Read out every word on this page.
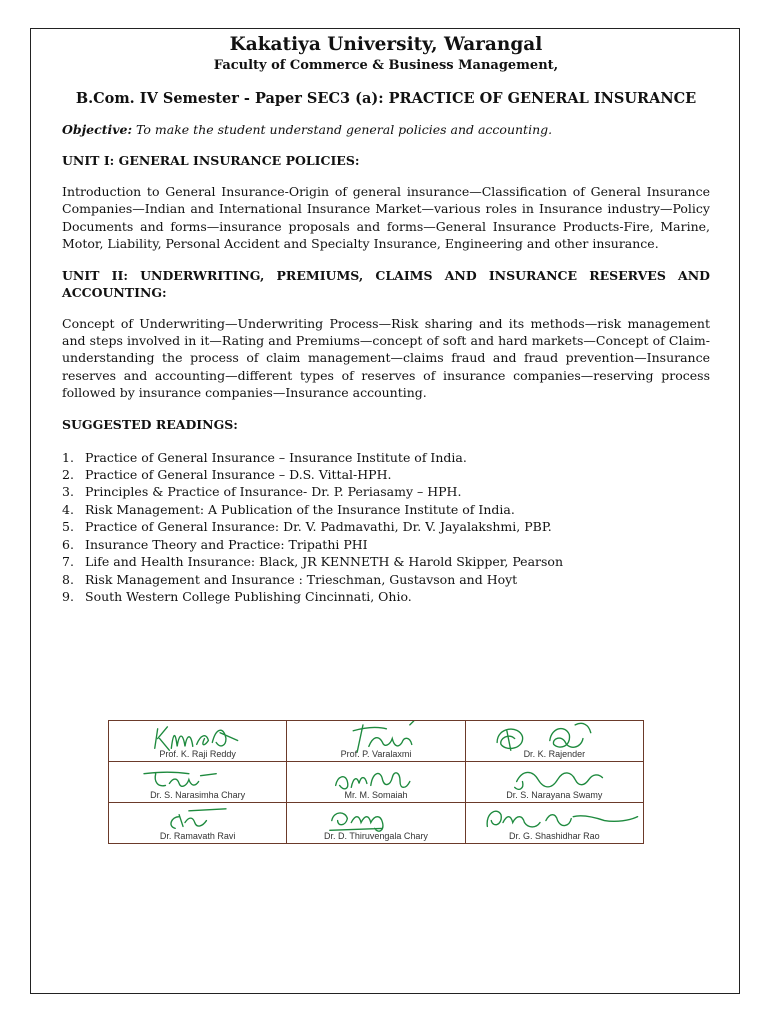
Kakatiya University, Warangal
Faculty of Commerce & Business Management,
B.Com. IV Semester - Paper SEC3 (a): PRACTICE OF GENERAL INSURANCE
Objective: To make the student understand general policies and accounting.
UNIT I: GENERAL INSURANCE POLICIES:
Introduction to General Insurance-Origin of general insurance—Classification of General Insurance Companies—Indian and International Insurance Market—various roles in Insurance industry—Policy Documents and forms—insurance proposals and forms—General Insurance Products-Fire, Marine, Motor, Liability, Personal Accident and Specialty Insurance, Engineering and other insurance.
UNIT II: UNDERWRITING, PREMIUMS, CLAIMS AND INSURANCE RESERVES AND ACCOUNTING:
Concept of Underwriting—Underwriting Process—Risk sharing and its methods—risk management and steps involved in it—Rating and Premiums—concept of soft and hard markets—Concept of Claim-understanding the process of claim management—claims fraud and fraud prevention—Insurance reserves and accounting—different types of reserves of insurance companies—reserving process followed by insurance companies—Insurance accounting.
SUGGESTED READINGS:
1. Practice of General Insurance – Insurance Institute of India.
2. Practice of General Insurance – D.S. Vittal-HPH.
3. Principles & Practice of Insurance- Dr. P. Periasamy – HPH.
4. Risk Management: A Publication of the Insurance Institute of India.
5. Practice of General Insurance: Dr. V. Padmavathi, Dr. V. Jayalakshmi, PBP.
6. Insurance Theory and Practice: Tripathi PHI
7. Life and Health Insurance: Black, JR KENNETH & Harold Skipper, Pearson
8. Risk Management and Insurance : Trieschman, Gustavson and Hoyt
9. South Western College Publishing Cincinnati, Ohio.
Prof. K. Raji Reddy	Prof. P. Varalaxmi	Dr. K. Rajender

Dr. S. Narasimha Chary	Mr. M. Somaiah	Dr. S. Narayana Swamy

Dr. Ramavath Ravi	Dr. D. Thiruvengala Chary	Dr. G. Shashidhar Rao
